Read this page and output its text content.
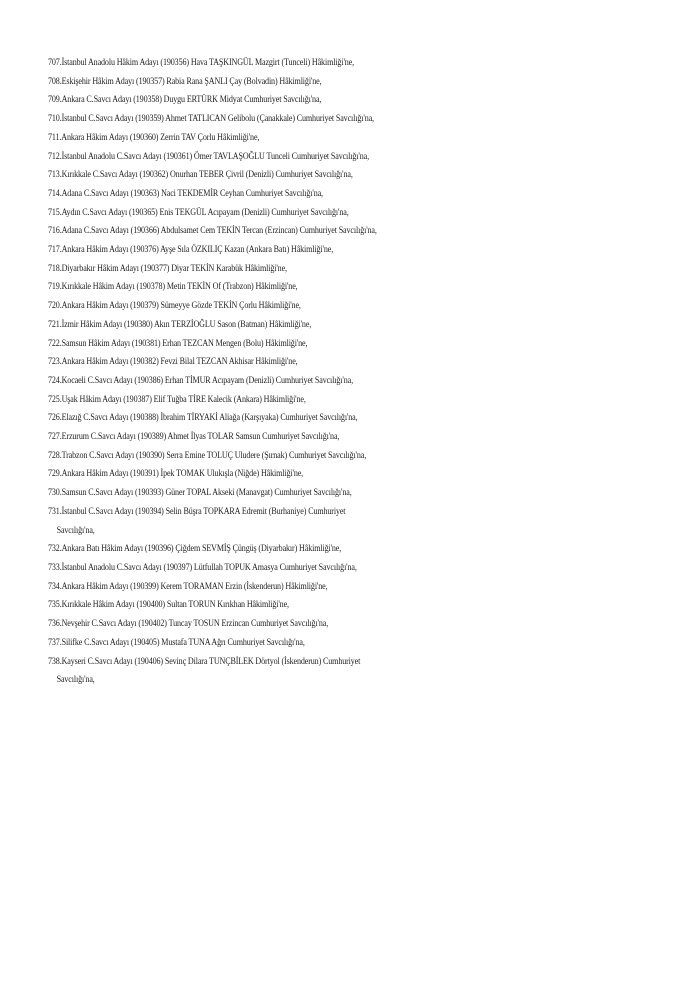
707.İstanbul Anadolu Hâkim Adayı (190356) Hava TAŞKINGÜL Mazgirt (Tunceli) Hâkimliği'ne,
708.Eskişehir Hâkim Adayı (190357) Rabia Rana ŞANLI Çay (Bolvadin) Hâkimliği'ne,
709.Ankara C.Savcı Adayı (190358) Duygu ERTÜRK Midyat Cumhuriyet Savcılığı'na,
710.İstanbul C.Savcı Adayı (190359) Ahmet TATLICAN Gelibolu (Çanakkale) Cumhuriyet Savcılığı'na,
711.Ankara Hâkim Adayı (190360) Zerrin TAV Çorlu Hâkimliği'ne,
712.İstanbul Anadolu C.Savcı Adayı (190361) Ömer TAVLAŞOĞLU Tunceli Cumhuriyet Savcılığı'na,
713.Kırıkkale C.Savcı Adayı (190362) Onurhan TEBER Çivril (Denizli) Cumhuriyet Savcılığı'na,
714.Adana C.Savcı Adayı (190363) Naci TEKDEMİR Ceyhan Cumhuriyet Savcılığı'na,
715.Aydın C.Savcı Adayı (190365) Enis TEKGÜL Acıpayam (Denizli) Cumhuriyet Savcılığı'na,
716.Adana C.Savcı Adayı (190366) Abdulsamet Cem TEKİN Tercan (Erzincan) Cumhuriyet Savcılığı'na,
717.Ankara Hâkim Adayı (190376) Ayşe Sıla ÖZKILIÇ Kazan (Ankara Batı) Hâkimliği'ne,
718.Diyarbakır Hâkim Adayı (190377) Diyar TEKİN Karabük Hâkimliği'ne,
719.Kırıkkale Hâkim Adayı (190378) Metin TEKİN Of (Trabzon) Hâkimliği'ne,
720.Ankara Hâkim Adayı (190379) Sümeyye Gözde TEKİN Çorlu Hâkimliği'ne,
721.İzmir Hâkim Adayı (190380) Akın TERZİOĞLU Sason (Batman) Hâkimliği'ne,
722.Samsun Hâkim Adayı (190381) Erhan TEZCAN Mengen (Bolu) Hâkimliği'ne,
723.Ankara Hâkim Adayı (190382) Fevzi Bilal TEZCAN Akhisar Hâkimliği'ne,
724.Kocaeli C.Savcı Adayı (190386) Erhan TİMUR Acıpayam (Denizli) Cumhuriyet Savcılığı'na,
725.Uşak Hâkim Adayı (190387) Elif Tuğba TİRE Kalecik (Ankara) Hâkimliği'ne,
726.Elazığ C.Savcı Adayı (190388) İbrahim TİRYAKİ Aliağa (Karşıyaka) Cumhuriyet Savcılığı'na,
727.Erzurum C.Savcı Adayı (190389) Ahmet İlyas TOLAR Samsun Cumhuriyet Savcılığı'na,
728.Trabzon C.Savcı Adayı (190390) Serra Emine TOLUÇ Uludere (Şırnak) Cumhuriyet Savcılığı'na,
729.Ankara Hâkim Adayı (190391) İpek TOMAK Ulukışla (Niğde) Hâkimliği'ne,
730.Samsun C.Savcı Adayı (190393) Güner TOPAL Akseki (Manavgat) Cumhuriyet Savcılığı'na,
731.İstanbul C.Savcı Adayı (190394) Selin Büşra TOPKARA Edremit (Burhaniye) Cumhuriyet
Savcılığı'na,
732.Ankara Batı Hâkim Adayı (190396) Çiğdem SEVMİŞ Çüngüş (Diyarbakır) Hâkimliği'ne,
733.İstanbul Anadolu C.Savcı Adayı (190397) Lütfullah TOPUK Amasya Cumhuriyet Savcılığı'na,
734.Ankara Hâkim Adayı (190399) Kerem TORAMAN Erzin (İskenderun) Hâkimliği'ne,
735.Kırıkkale Hâkim Adayı (190400) Sultan TORUN Kırıkhan Hâkimliği'ne,
736.Nevşehir C.Savcı Adayı (190402) Tuncay TOSUN Erzincan Cumhuriyet Savcılığı'na,
737.Silifke C.Savcı Adayı (190405) Mustafa TUNA Ağrı Cumhuriyet Savcılığı'na,
738.Kayseri C.Savcı Adayı (190406) Sevinç Dilara TUNÇBİLEK Dörtyol (İskenderun) Cumhuriyet
Savcılığı'na,
